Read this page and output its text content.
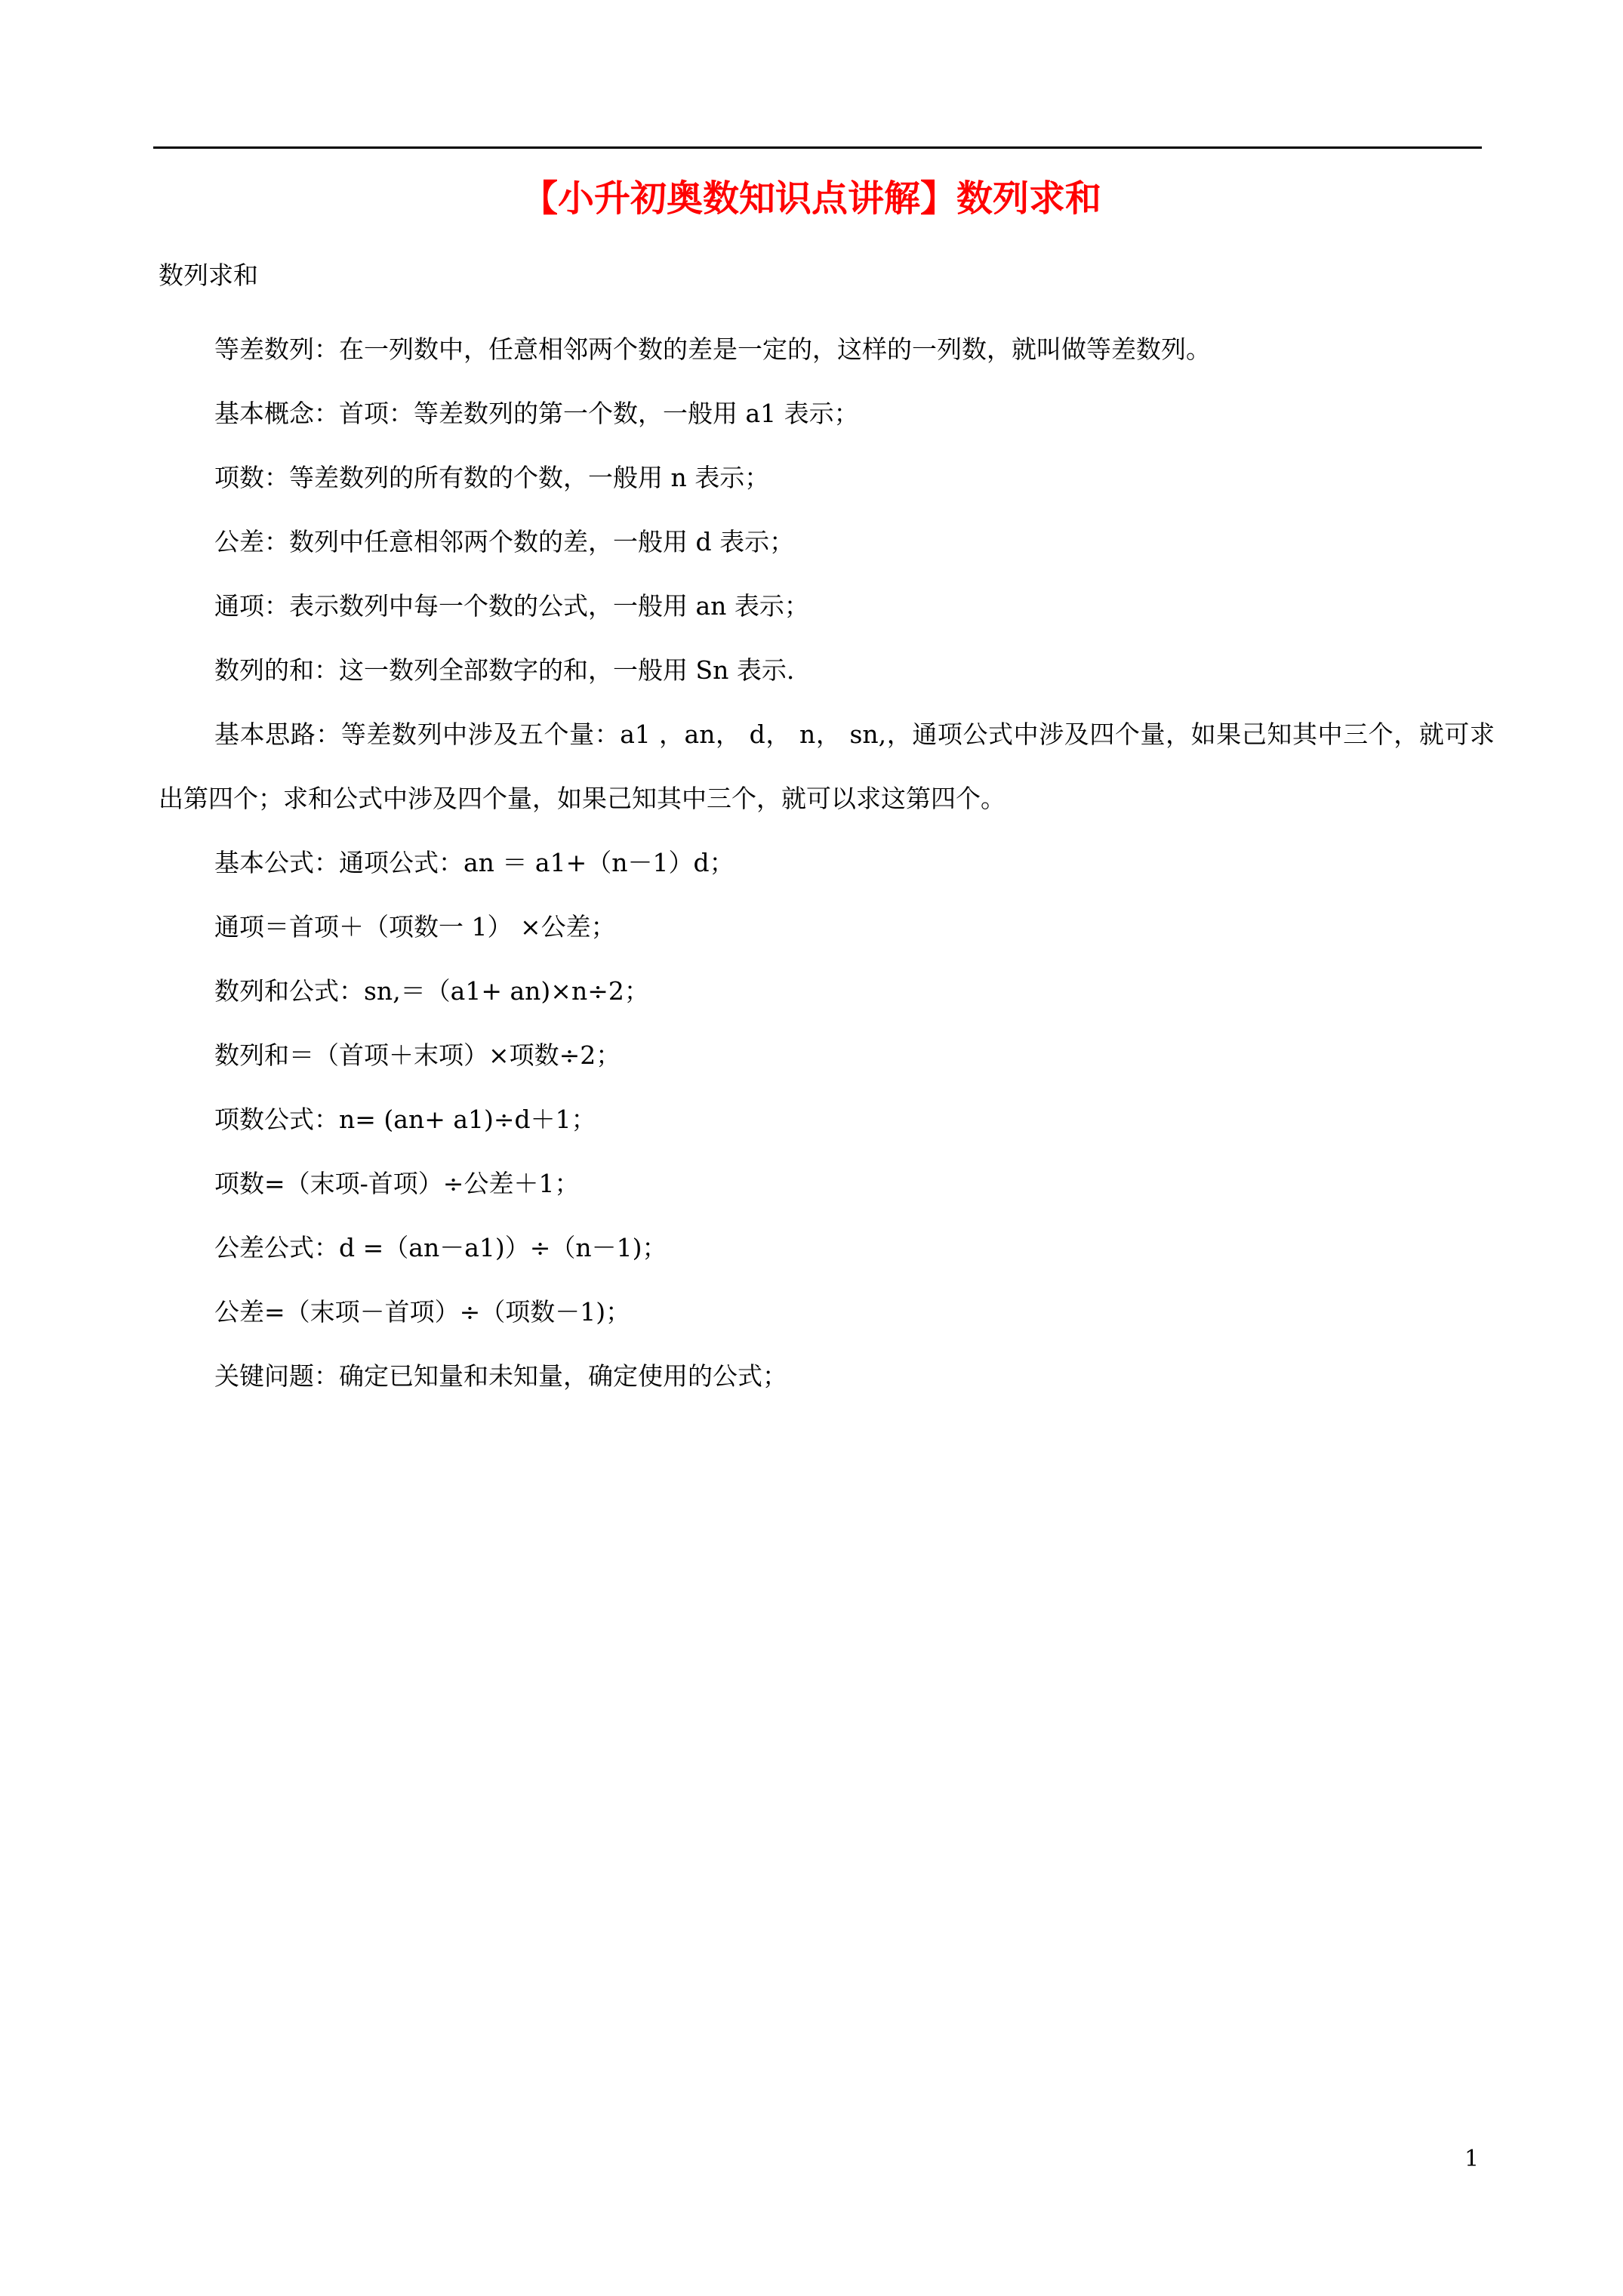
【小升初奥数知识点讲解】数列求和
数列求和

等差数列：在一列数中，任意相邻两个数的差是一定的，这样的一列数，就叫做等差数列。

基本概念：首项：等差数列的第一个数，一般用 a1 表示；

项数：等差数列的所有数的个数，一般用 n 表示；

公差：数列中任意相邻两个数的差，一般用 d 表示；

通项：表示数列中每一个数的公式，一般用 an 表示；

数列的和：这一数列全部数字的和，一般用 Sn 表示.

基本思路：等差数列中涉及五个量：a1 ，an， d， n， sn,，通项公式中涉及四个量，如果己知其中三个，就可求出第四个；求和公式中涉及四个量，如果己知其中三个，就可以求这第四个。

基本公式：通项公式：an ＝ a1+（n－1）d；

通项＝首项＋（项数一 1） ×公差；

数列和公式：sn,＝（a1+ an)×n÷2；

数列和＝（首项＋末项）×项数÷2；

项数公式：n= (an+ a1)÷d＋1；

项数=（末项-首项）÷公差＋1；

公差公式：d =（an－a1)）÷（n－1)；

公差=（末项－首项）÷（项数－1)；

关键问题：确定已知量和未知量，确定使用的公式；

1
